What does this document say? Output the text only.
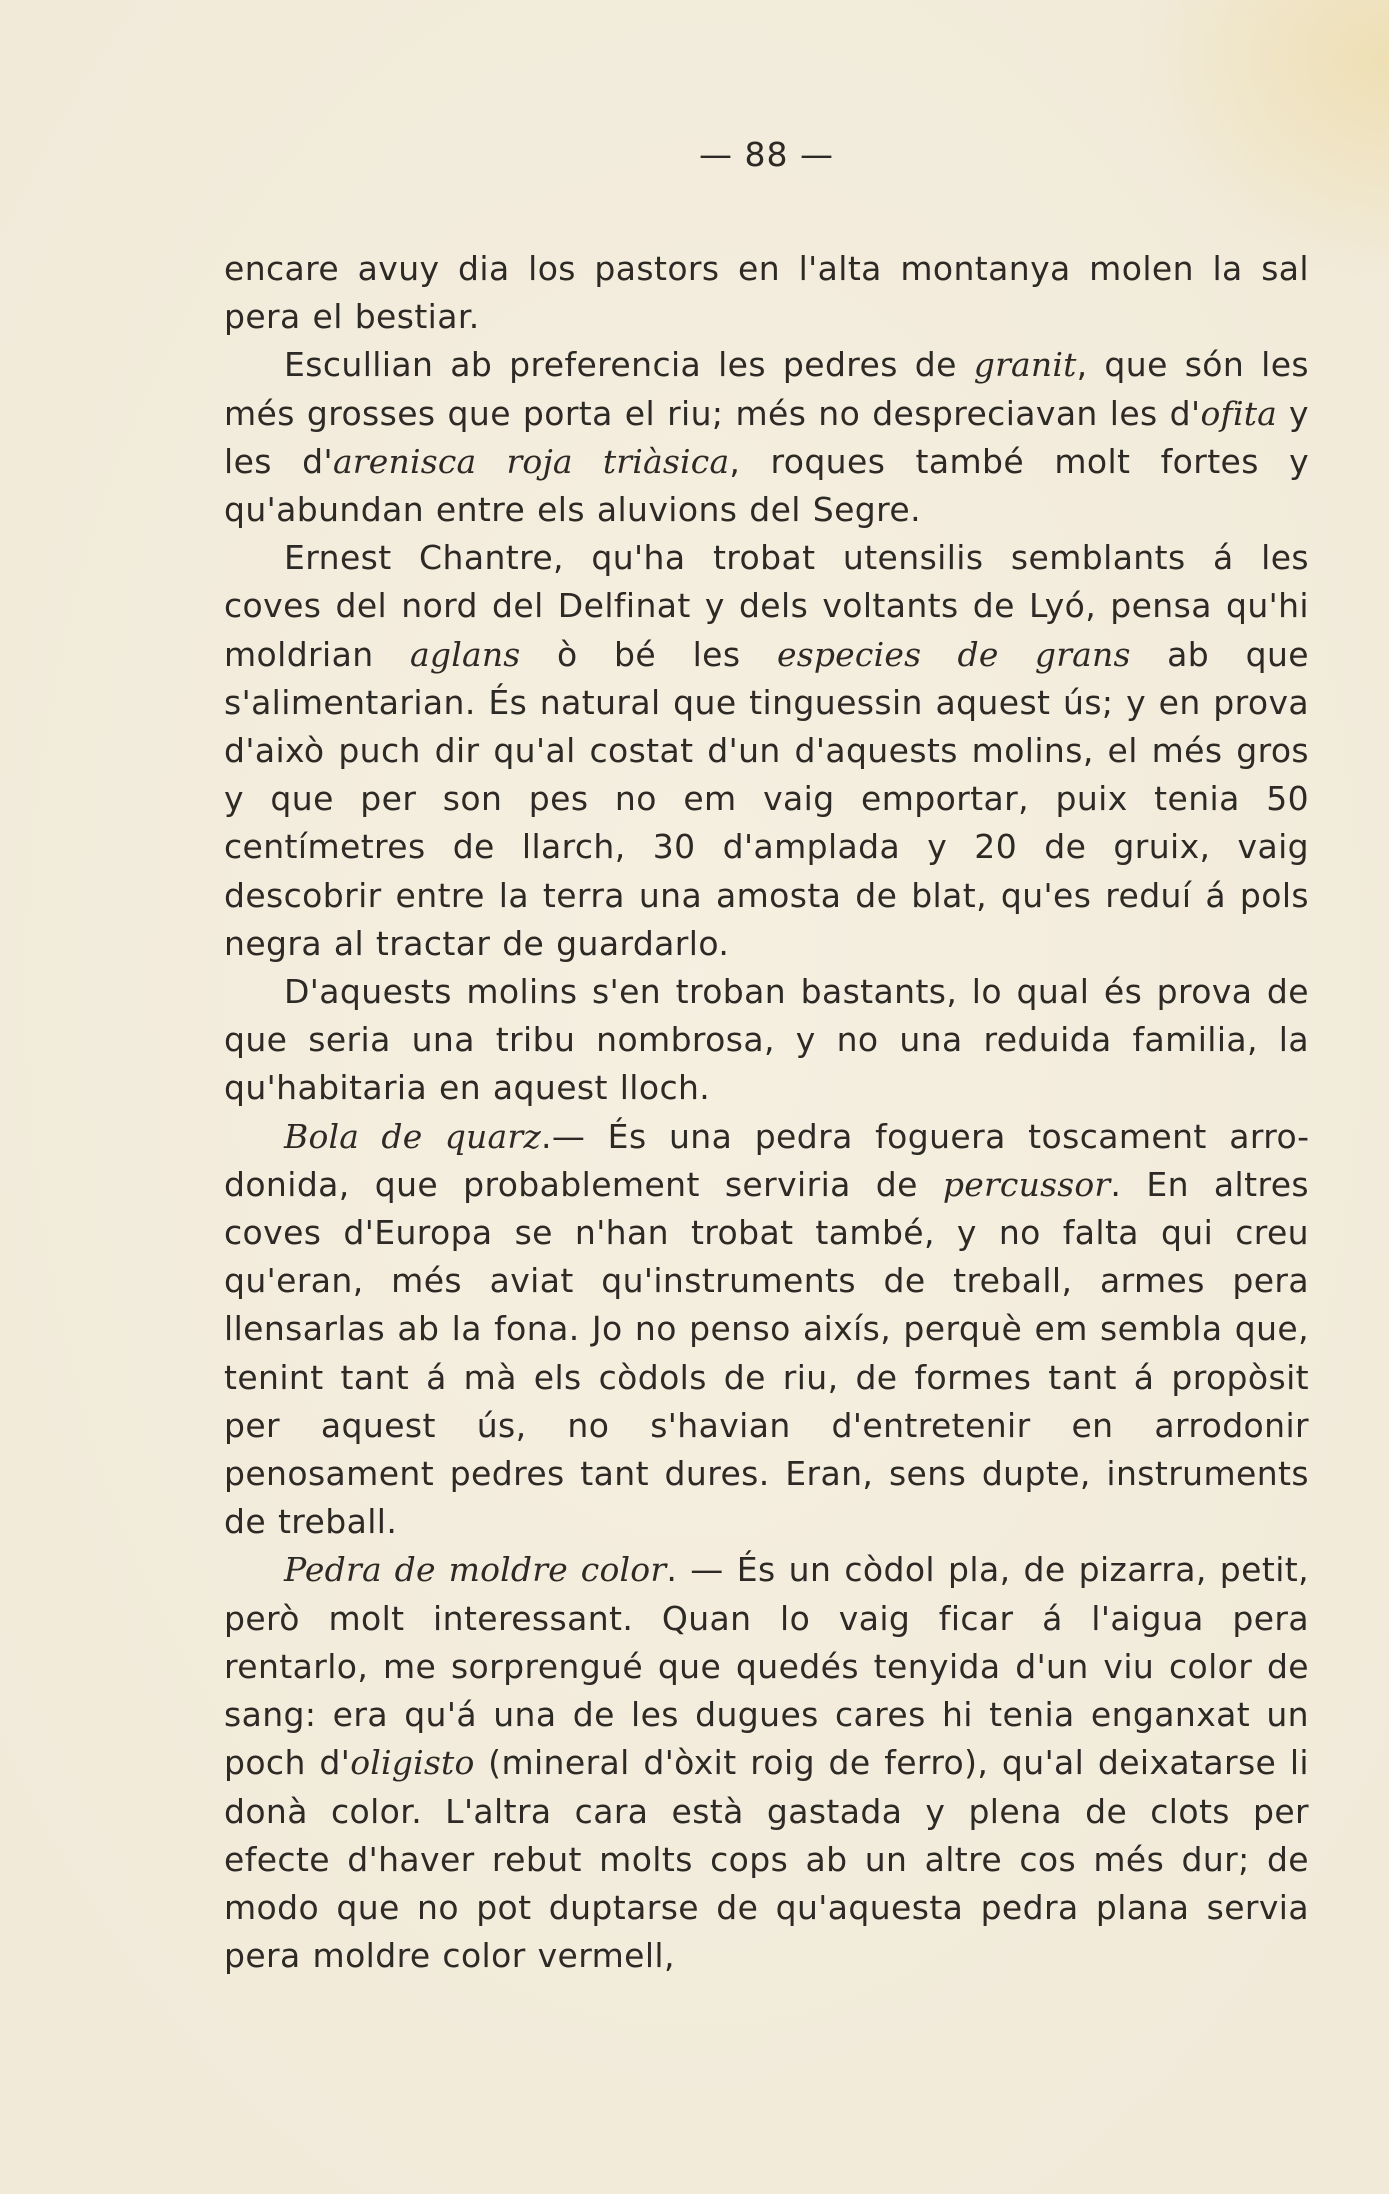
— 88 —

encare avuy dia los pastors en l'alta montanya molen la sal pera el bestiar.

Escullian ab preferencia les pedres de granit, que són les més grosses que porta el riu; més no despreciavan les d'ofita y les d'arenisca roja triàsica, roques també molt fortes y qu'abundan entre els aluvions del Segre.

Ernest Chantre, qu'ha trobat utensilis semblants á les coves del nord del Delfinat y dels voltants de Lyó, pensa qu'hi moldrian aglans ò bé les especies de grans ab que s'alimentarian. És natural que tinguessin aquest ús; y en prova d'això puch dir qu'al costat d'un d'aquests molins, el més gros y que per son pes no em vaig emportar, puix tenia 50 centímetres de llarch, 30 d'amplada y 20 de gruix, vaig descobrir entre la terra una amosta de blat, qu'es reduí á pols negra al tractar de guardarlo.

D'aquests molins s'en troban bastants, lo qual és prova de que seria una tribu nombrosa, y no una reduida familia, la qu'habitaria en aquest lloch.

Bola de quarz.— És una pedra foguera toscament arrodonida, que probablement serviria de percussor. En altres coves d'Europa se n'han trobat també, y no falta qui creu qu'eran, més aviat qu'instruments de treball, armes pera llensarlas ab la fona. Jo no penso aixís, perquè em sembla que, tenint tant á mà els còdols de riu, de formes tant á propòsit per aquest ús, no s'havian d'entretenir en arrodonir penosament pedres tant dures. Eran, sens dupte, instruments de treball.

Pedra de moldre color. — És un còdol pla, de pizarra, petit, però molt interessant. Quan lo vaig ficar á l'aigua pera rentarlo, me sorprengué que quedés tenyida d'un viu color de sang: era qu'á una de les dugues cares hi tenia enganxat un poch d'oligisto (mineral d'òxit roig de ferro), qu'al deixatarse li donà color. L'altra cara està gastada y plena de clots per efecte d'haver rebut molts cops ab un altre cos més dur; de modo que no pot duptarse de qu'aquesta pedra plana servia pera moldre color vermell,
